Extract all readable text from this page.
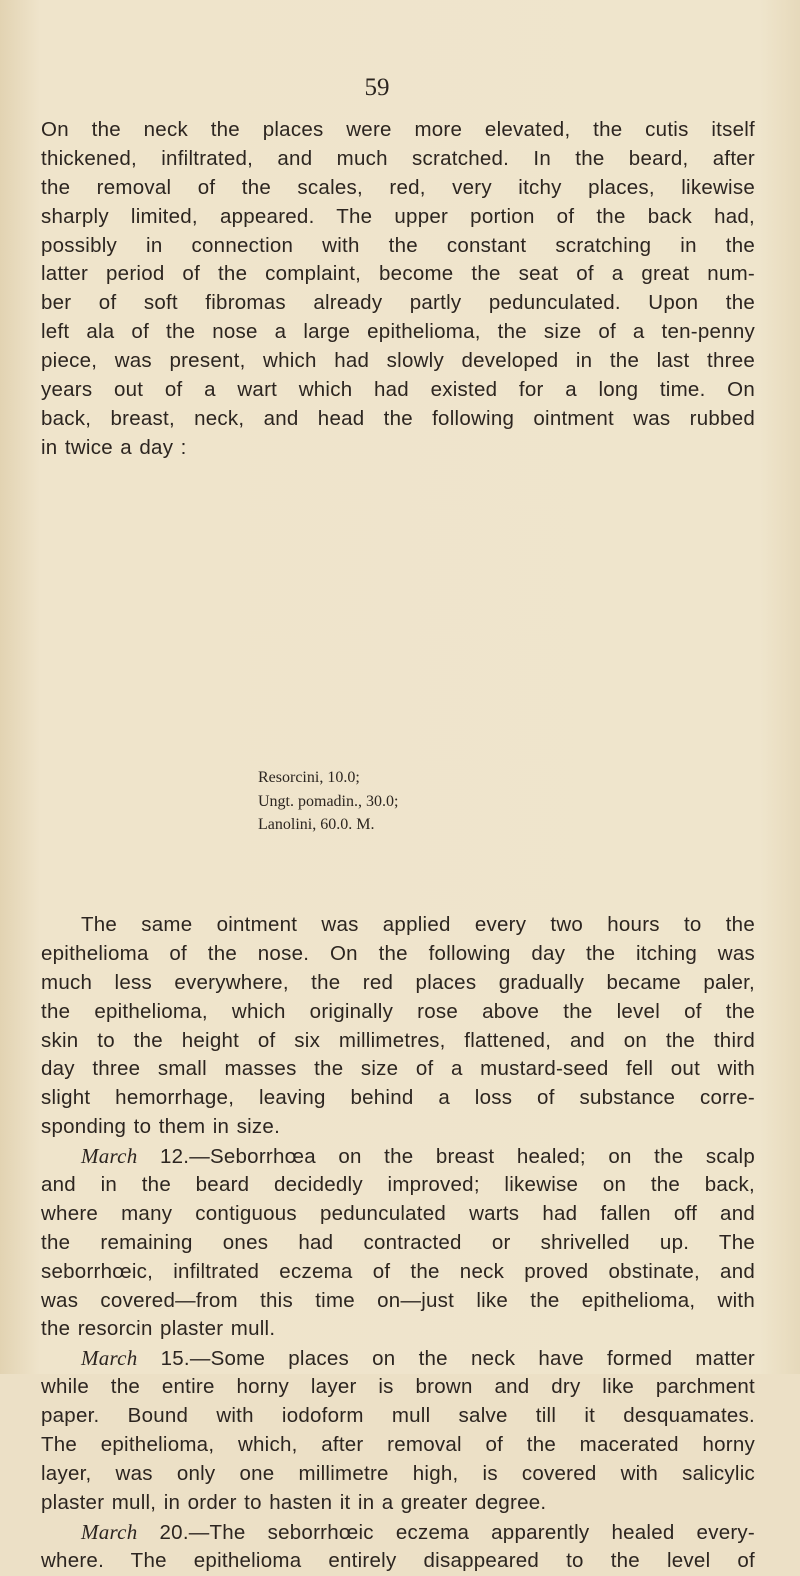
59
On the neck the places were more elevated, the cutis itself
thickened, infiltrated, and much scratched. In the beard, after
the removal of the scales, red, very itchy places, likewise
sharply limited, appeared. The upper portion of the back had,
possibly in connection with the constant scratching in the
latter period of the complaint, become the seat of a great num-
ber of soft fibromas already partly pedunculated. Upon the
left ala of the nose a large epithelioma, the size of a ten-penny
piece, was present, which had slowly developed in the last three
years out of a wart which had existed for a long time. On
back, breast, neck, and head the following ointment was rubbed
in twice a day :
Resorcini, 10.0;
Ungt. pomadin., 30.0;
Lanolini, 60.0. M.
The same ointment was applied every two hours to the
epithelioma of the nose. On the following day the itching was
much less everywhere, the red places gradually became paler,
the epithelioma, which originally rose above the level of the
skin to the height of six millimetres, flattened, and on the third
day three small masses the size of a mustard-seed fell out with
slight hemorrhage, leaving behind a loss of substance corre-
sponding to them in size.
March 12.—Seborrhœa on the breast healed; on the scalp
and in the beard decidedly improved; likewise on the back,
where many contiguous pedunculated warts had fallen off and
the remaining ones had contracted or shrivelled up. The
seborrhœic, infiltrated eczema of the neck proved obstinate, and
was covered—from this time on—just like the epithelioma, with
the resorcin plaster mull.
March 15.—Some places on the neck have formed matter
while the entire horny layer is brown and dry like parchment
paper. Bound with iodoform mull salve till it desquamates.
The epithelioma, which, after removal of the macerated horny
layer, was only one millimetre high, is covered with salicylic
plaster mull, in order to hasten it in a greater degree.
March 20.—The seborrhœic eczema apparently healed every-
where. The epithelioma entirely disappeared to the level of
